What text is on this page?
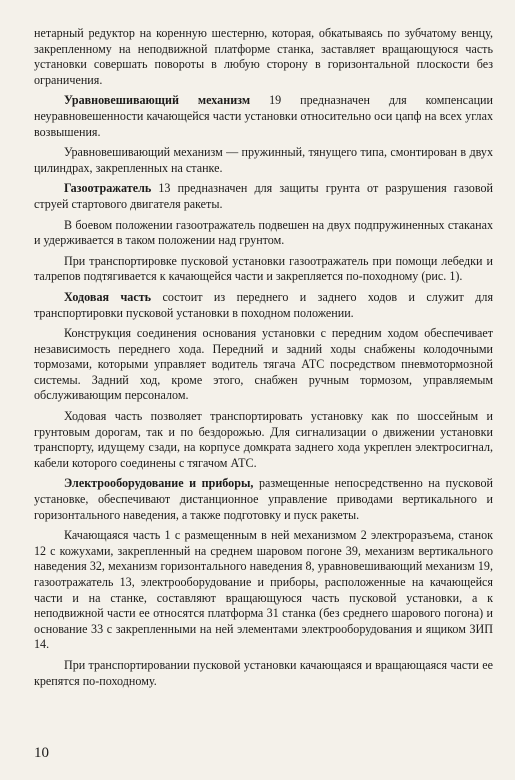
нетарный редуктор на коренную шестерню, которая, обкатываясь по зубчатому венцу, закрепленному на неподвижной платформе станка, заставляет вращающуюся часть установки совершать повороты в любую сторону в горизонтальной плоскости без ограничения.

Уравновешивающий механизм 19 предназначен для компенсации неуравновешенности качающейся части установки относительно оси цапф на всех углах возвышения.

Уравновешивающий механизм — пружинный, тянущего типа, смонтирован в двух цилиндрах, закрепленных на станке.

Газоотражатель 13 предназначен для защиты грунта от разрушения газовой струей стартового двигателя ракеты.

В боевом положении газоотражатель подвешен на двух подпружиненных стаканах и удерживается в таком положении над грунтом.

При транспортировке пусковой установки газоотражатель при помощи лебедки и талрепов подтягивается к качающейся части и закрепляется по-походному (рис. 1).

Ходовая часть состоит из переднего и заднего ходов и служит для транспортировки пусковой установки в походном положении.

Конструкция соединения основания установки с передним ходом обеспечивает независимость переднего хода. Передний и задний ходы снабжены колодочными тормозами, которыми управляет водитель тягача АТС посредством пневмотормозной системы. Задний ход, кроме этого, снабжен ручным тормозом, управляемым обслуживающим персоналом.

Ходовая часть позволяет транспортировать установку как по шоссейным и грунтовым дорогам, так и по бездорожью. Для сигнализации о движении установки транспорту, идущему сзади, на корпусе домкрата заднего хода укреплен электросигнал, кабели которого соединены с тягачом АТС.

Электрооборудование и приборы, размещенные непосредственно на пусковой установке, обеспечивают дистанционное управление приводами вертикального и горизонтального наведения, а также подготовку и пуск ракеты.

Качающаяся часть 1 с размещенным в ней механизмом 2 электроразъема, станок 12 с кожухами, закрепленный на среднем шаровом погоне 39, механизм вертикального наведения 32, механизм горизонтального наведения 8, уравновешивающий механизм 19, газоотражатель 13, электрооборудование и приборы, расположенные на качающейся части и на станке, составляют вращающуюся часть пусковой установки, а к неподвижной части ее относятся платформа 31 станка (без среднего шарового погона) и основание 33 с закрепленными на ней элементами электрооборудования и ящиком ЗИП 14.

При транспортировании пусковой установки качающаяся и вращающаяся части ее крепятся по-походному.

10
